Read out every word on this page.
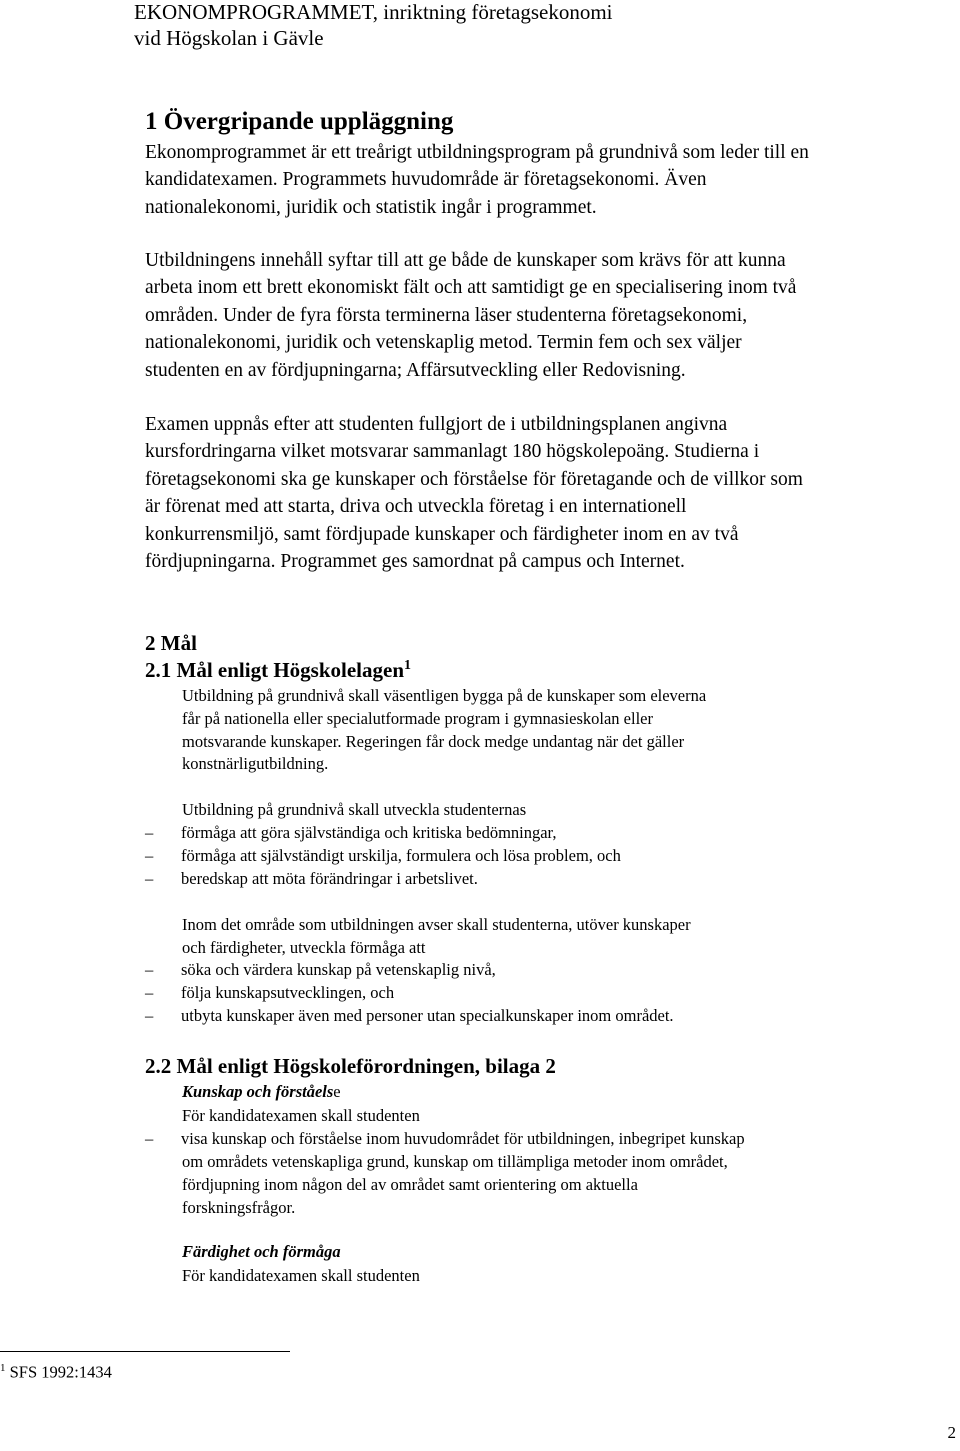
EKONOMPROGRAMMET, inriktning företagsekonomi
vid Högskolan i Gävle
1 Övergripande uppläggning
Ekonomprogrammet är ett treårigt utbildningsprogram på grundnivå som leder till en
kandidatexamen. Programmets huvudområde är företagsekonomi. Även
nationalekonomi, juridik och statistik ingår i programmet.
Utbildningens innehåll syftar till att ge både de kunskaper som krävs för att kunna
arbeta inom ett brett ekonomiskt fält och att samtidigt ge en specialisering inom två
områden. Under de fyra första terminerna läser studenterna företagsekonomi,
nationalekonomi, juridik och vetenskaplig metod. Termin fem och sex väljer
studenten en av fördjupningarna; Affärsutveckling eller Redovisning.
Examen uppnås efter att studenten fullgjort de i utbildningsplanen angivna
kursfordringarna vilket motsvarar sammanlagt 180 högskolepoäng. Studierna i
företagsekonomi ska ge kunskaper och förståelse för företagande och de villkor som
är förenat med att starta, driva och utveckla företag i en internationell
konkurrensmiljö, samt fördjupade kunskaper och färdigheter inom en av två
fördjupningarna. Programmet ges samordnat på campus och Internet.
2 Mål
2.1 Mål enligt Högskolelagen$^1$
Utbildning på grundnivå skall väsentligen bygga på de kunskaper som eleverna
får på nationella eller specialutformade program i gymnasieskolan eller
motsvarande kunskaper. Regeringen får dock medge undantag när det gäller
konstnärligutbildning.
Utbildning på grundnivå skall utveckla studenternas
– förmåga att göra självständiga och kritiska bedömningar,
– förmåga att självständigt urskilja, formulera och lösa problem, och
– beredskap att möta förändringar i arbetslivet.
Inom det område som utbildningen avser skall studenterna, utöver kunskaper
och färdigheter, utveckla förmåga att
– söka och värdera kunskap på vetenskaplig nivå,
– följa kunskapsutvecklingen, och
– utbyta kunskaper även med personer utan specialkunskaper inom området.
2.2 Mål enligt Högskoleförordningen, bilaga 2
Kunskap och förståelse
För kandidatexamen skall studenten
– visa kunskap och förståelse inom huvudområdet för utbildningen, inbegripet kunskap
om områdets vetenskapliga grund, kunskap om tillämpliga metoder inom området,
fördjupning inom någon del av området samt orientering om aktuella
forskningsfrågor.
Färdighet och förmåga
För kandidatexamen skall studenten
$^1$ SFS 1992:1434
2
